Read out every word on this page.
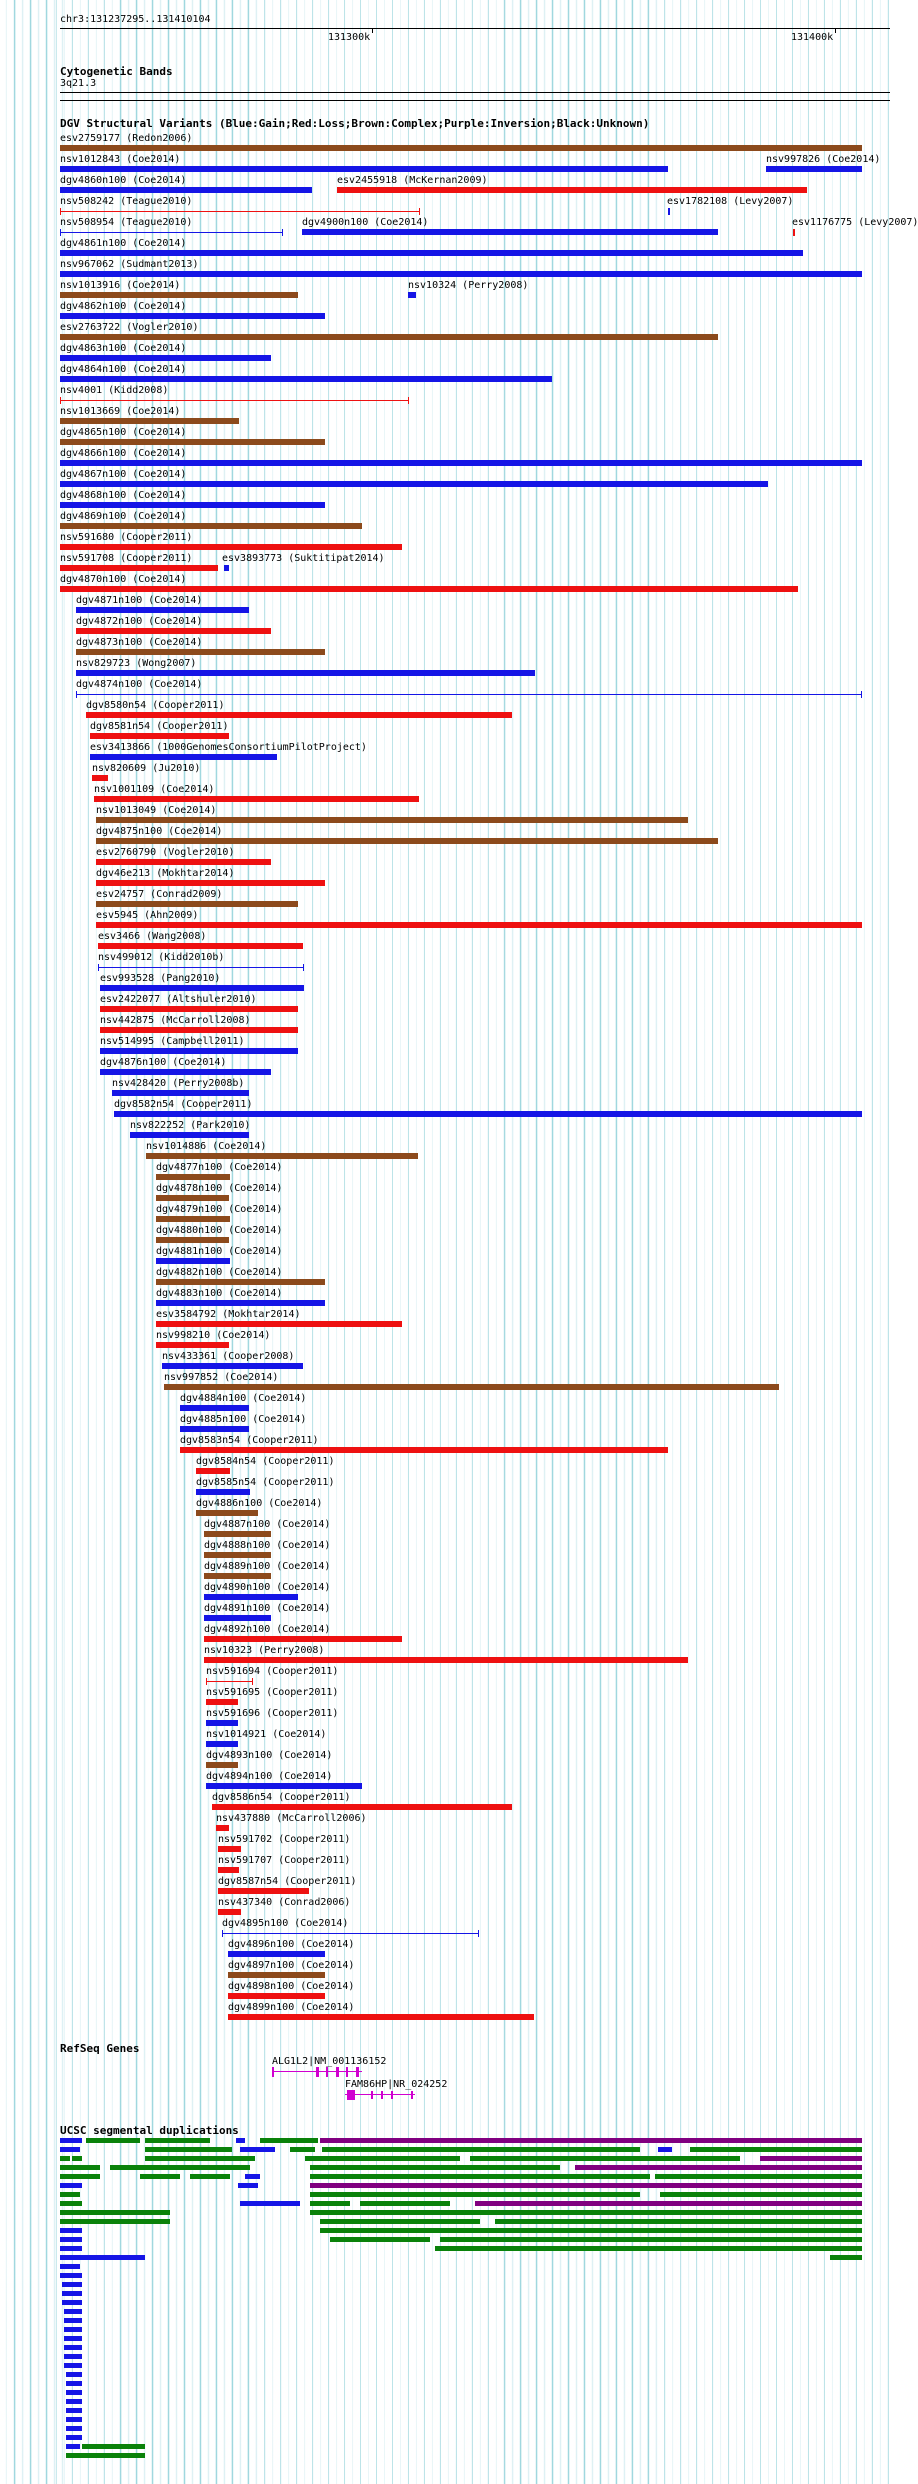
chr3:131237295..131410104
131300k	131400k
Cytogenetic Bands
3q21.3
DGV Structural Variants (Blue:Gain;Red:Loss;Brown:Complex;Purple:Inversion;Black:Unknown)
RefSeq Genes
ALG1L2|NM_001136152
FAM86HP|NR_024252
UCSC segmental duplications
esv2759177 (Redon2006)
nsv1012843 (Coe2014)	nsv997826 (Coe2014)
dgv4860n100 (Coe2014)	esv2455918 (McKernan2009)
nsv508242 (Teague2010)	esv1782108 (Levy2007)
nsv508954 (Teague2010)	dgv4900n100 (Coe2014)	esv1176775 (Levy2007)
dgv4861n100 (Coe2014)
nsv967062 (Sudmant2013)
nsv1013916 (Coe2014)	nsv10324 (Perry2008)
dgv4862n100 (Coe2014)
esv2763722 (Vogler2010)
dgv4863n100 (Coe2014)
dgv4864n100 (Coe2014)
nsv4001 (Kidd2008)
nsv1013669 (Coe2014)
dgv4865n100 (Coe2014)
dgv4866n100 (Coe2014)
dgv4867n100 (Coe2014)
dgv4868n100 (Coe2014)
dgv4869n100 (Coe2014)
nsv591680 (Cooper2011)
nsv591708 (Cooper2011)	esv3893773 (Suktitipat2014)
dgv4870n100 (Coe2014)
dgv4871n100 (Coe2014)
dgv4872n100 (Coe2014)
dgv4873n100 (Coe2014)
nsv829723 (Wong2007)
dgv4874n100 (Coe2014)
dgv8580n54 (Cooper2011)
dgv8581n54 (Cooper2011)
esv3413866 (1000GenomesConsortiumPilotProject)
nsv820609 (Ju2010)
nsv1001109 (Coe2014)
nsv1013049 (Coe2014)
dgv4875n100 (Coe2014)
esv2760790 (Vogler2010)
dgv46e213 (Mokhtar2014)
esv24757 (Conrad2009)
esv5945 (Ahn2009)
esv3466 (Wang2008)
nsv499012 (Kidd2010b)
esv993528 (Pang2010)
esv2422077 (Altshuler2010)
nsv442875 (McCarroll2008)
nsv514995 (Campbell2011)
dgv4876n100 (Coe2014)
nsv428420 (Perry2008b)
dgv8582n54 (Cooper2011)
nsv822252 (Park2010)
nsv1014886 (Coe2014)
dgv4877n100 (Coe2014)
dgv4878n100 (Coe2014)
dgv4879n100 (Coe2014)
dgv4880n100 (Coe2014)
dgv4881n100 (Coe2014)
dgv4882n100 (Coe2014)
dgv4883n100 (Coe2014)
esv3584792 (Mokhtar2014)
nsv998210 (Coe2014)
nsv433361 (Cooper2008)
nsv997852 (Coe2014)
dgv4884n100 (Coe2014)
dgv4885n100 (Coe2014)
dgv8583n54 (Cooper2011)
dgv8584n54 (Cooper2011)
dgv8585n54 (Cooper2011)
dgv4886n100 (Coe2014)
dgv4887n100 (Coe2014)
dgv4888n100 (Coe2014)
dgv4889n100 (Coe2014)
dgv4890n100 (Coe2014)
dgv4891n100 (Coe2014)
dgv4892n100 (Coe2014)
nsv10323 (Perry2008)
nsv591694 (Cooper2011)
nsv591695 (Cooper2011)
nsv591696 (Cooper2011)
nsv1014921 (Coe2014)
dgv4893n100 (Coe2014)
dgv4894n100 (Coe2014)
dgv8586n54 (Cooper2011)
nsv437880 (McCarroll2006)
nsv591702 (Cooper2011)
nsv591707 (Cooper2011)
dgv8587n54 (Cooper2011)
nsv437340 (Conrad2006)
dgv4895n100 (Coe2014)
dgv4896n100 (Coe2014)
dgv4897n100 (Coe2014)
dgv4898n100 (Coe2014)
dgv4899n100 (Coe2014)
